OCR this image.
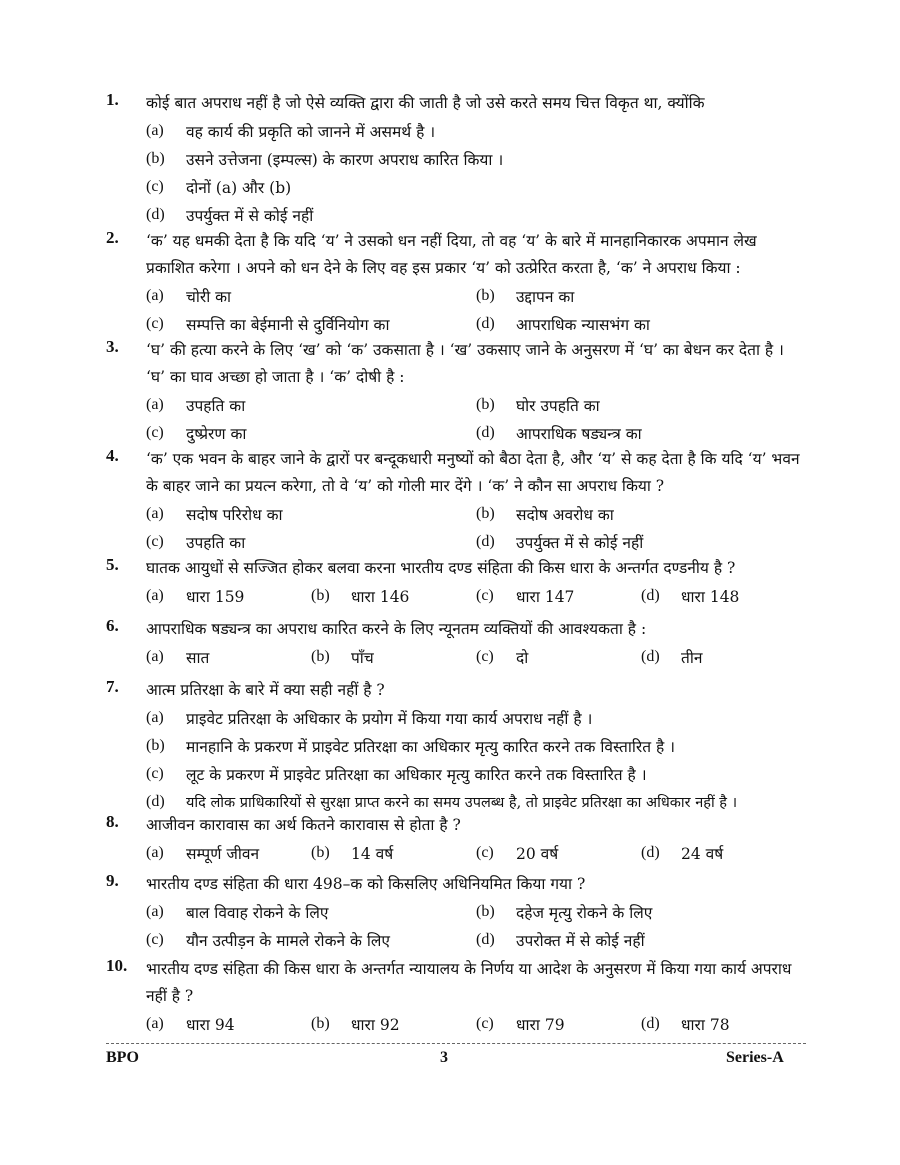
1.	कोई बात अपराध नहीं है जो ऐसे व्यक्ति द्वारा की जाती है जो उसे करते समय चित्त विकृत था, क्योंकि
(a)	वह कार्य की प्रकृति को जानने में असमर्थ है ।
(b)	उसने उत्तेजना (इम्पल्स) के कारण अपराध कारित किया ।
(c)	दोनों (a) और (b)
(d)	उपर्युक्त में से कोई नहीं
2.	‘क’ यह धमकी देता है कि यदि ‘य’ ने उसको धन नहीं दिया, तो वह ‘य’ के बारे में मानहानिकारक अपमान लेख प्रकाशित करेगा । अपने को धन देने के लिए वह इस प्रकार ‘य’ को उत्प्रेरित करता है, ‘क’ ने अपराध किया :
(a)	चोरी का	(b)	उद्दापन का
(c)	सम्पत्ति का बेईमानी से दुर्विनियोग का	(d)	आपराधिक न्यासभंग का
3.	‘घ’ की हत्या करने के लिए ‘ख’ को ‘क’ उकसाता है । ‘ख’ उकसाए जाने के अनुसरण में ‘घ’ का बेधन कर देता है । ‘घ’ का घाव अच्छा हो जाता है । ‘क’ दोषी है :
(a)	उपहति का	(b)	घोर उपहति का
(c)	दुष्प्रेरण का	(d)	आपराधिक षड्यन्त्र का
4.	‘क’ एक भवन के बाहर जाने के द्वारों पर बन्दूकधारी मनुष्यों को बैठा देता है, और ‘य’ से कह देता है कि यदि ‘य’ भवन के बाहर जाने का प्रयत्न करेगा, तो वे ‘य’ को गोली मार देंगे । ‘क’ ने कौन सा अपराध किया ?
(a)	सदोष परिरोध का	(b)	सदोष अवरोध का
(c)	उपहति का	(d)	उपर्युक्त में से कोई नहीं
5.	घातक आयुधों से सज्जित होकर बलवा करना भारतीय दण्ड संहिता की किस धारा के अन्तर्गत दण्डनीय है ?
(a)	धारा 159	(b)	धारा 146	(c)	धारा 147	(d)	धारा 148
6.	आपराधिक षड्यन्त्र का अपराध कारित करने के लिए न्यूनतम व्यक्तियों की आवश्यकता है :
(a)	सात	(b)	पाँच	(c)	दो	(d)	तीन
7.	आत्म प्रतिरक्षा के बारे में क्या सही नहीं है ?
(a)	प्राइवेट प्रतिरक्षा के अधिकार के प्रयोग में किया गया कार्य अपराध नहीं है ।
(b)	मानहानि के प्रकरण में प्राइवेट प्रतिरक्षा का अधिकार मृत्यु कारित करने तक विस्तारित है ।
(c)	लूट के प्रकरण में प्राइवेट प्रतिरक्षा का अधिकार मृत्यु कारित करने तक विस्तारित है ।
(d)	यदि लोक प्राधिकारियों से सुरक्षा प्राप्त करने का समय उपलब्ध है, तो प्राइवेट प्रतिरक्षा का अधिकार नहीं है ।
8.	आजीवन कारावास का अर्थ कितने कारावास से होता है ?
(a)	सम्पूर्ण जीवन	(b)	14 वर्ष	(c)	20 वर्ष	(d)	24 वर्ष
9.	भारतीय दण्ड संहिता की धारा 498–क को किसलिए अधिनियमित किया गया ?
(a)	बाल विवाह रोकने के लिए	(b)	दहेज मृत्यु रोकने के लिए
(c)	यौन उत्पीड़न के मामले रोकने के लिए	(d)	उपरोक्त में से कोई नहीं
10.	भारतीय दण्ड संहिता की किस धारा के अन्तर्गत न्यायालय के निर्णय या आदेश के अनुसरण में किया गया कार्य अपराध नहीं है ?
(a)	धारा 94	(b)	धारा 92	(c)	धारा 79	(d)	धारा 78
BPO	3	Series-A
